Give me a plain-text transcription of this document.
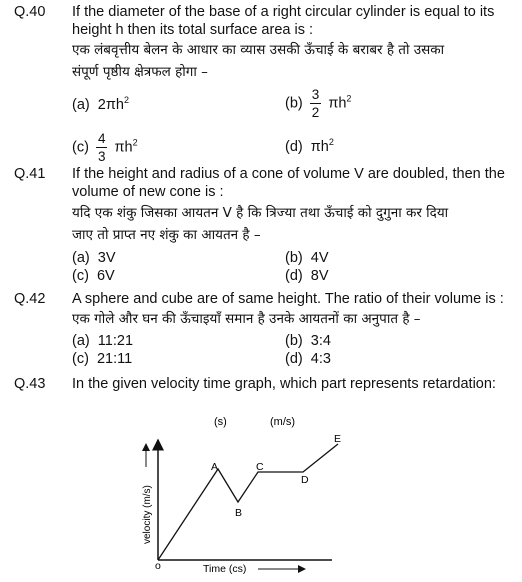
Q.40 If the diameter of the base of a right circular cylinder is equal to its
height h then its total surface area is :
एक लंबवृत्तीय बेलन के आधार का व्यास उसकी ऊँचाई के बराबर है तो उसका
संपूर्ण पृष्ठीय क्षेत्रफल होगा –
(a) $2\pi h^2$	$(b) \frac{3}{2} \pi h^2$
$(c) \frac{4}{3} \pi h^2$	(d) $\pi h^2$
Q.41 If the height and radius of a cone of volume V are doubled, then the
volume of new cone is :
यदि एक शंकु जिसका आयतन V है कि त्रिज्या तथा ऊँचाई को दुगुना कर दिया
जाए तो प्राप्त नए शंकु का आयतन है –
(a) 3V	(b) 4V
(c) 6V	(d) 8V
Q.42 A sphere and cube are of same height. The ratio of their volume is :
एक गोले और घन की ऊँचाइयाँ समान है उनके आयतनों का अनुपात है –
(a) 11:21	(b) 3:4
(c) 21:11	(d) 4:3
Q.43 In the given velocity time graph, which part represents retardation:
(s)	(m/s)
A
B
C
D
E
velocity (m/s)
o	Time (cs)
